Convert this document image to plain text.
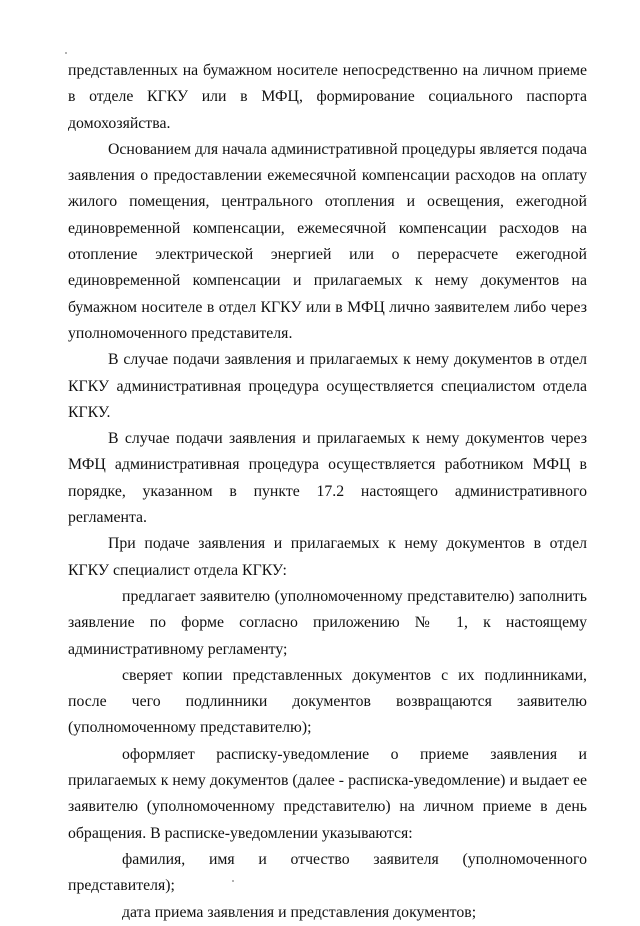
представленных на бумажном носителе непосредственно на личном приеме в отделе КГКУ или в МФЦ, формирование социального паспорта домохозяйства.

Основанием для начала административной процедуры является подача заявления о предоставлении ежемесячной компенсации расходов на оплату жилого помещения, центрального отопления и освещения, ежегодной единовременной компенсации, ежемесячной компенсации расходов на отопление электрической энергией или о перерасчете ежегодной единовременной компенсации и прилагаемых к нему документов на бумажном носителе в отдел КГКУ или в МФЦ лично заявителем либо через уполномоченного представителя.

В случае подачи заявления и прилагаемых к нему документов в отдел КГКУ административная процедура осуществляется специалистом отдела КГКУ.

В случае подачи заявления и прилагаемых к нему документов через МФЦ административная процедура осуществляется работником МФЦ в порядке, указанном в пункте 17.2 настоящего административного регламента.

При подаче заявления и прилагаемых к нему документов в отдел КГКУ специалист отдела КГКУ:

предлагает заявителю (уполномоченному представителю) заполнить заявление по форме согласно приложению № 1, к настоящему административному регламенту;

сверяет копии представленных документов с их подлинниками, после чего подлинники документов возвращаются заявителю (уполномоченному представителю);

оформляет расписку-уведомление о приеме заявления и прилагаемых к нему документов (далее - расписка-уведомление) и выдает ее заявителю (уполномоченному представителю) на личном приеме в день обращения. В расписке-уведомлении указываются:

фамилия, имя и отчество заявителя (уполномоченного представителя);

дата приема заявления и представления документов;
